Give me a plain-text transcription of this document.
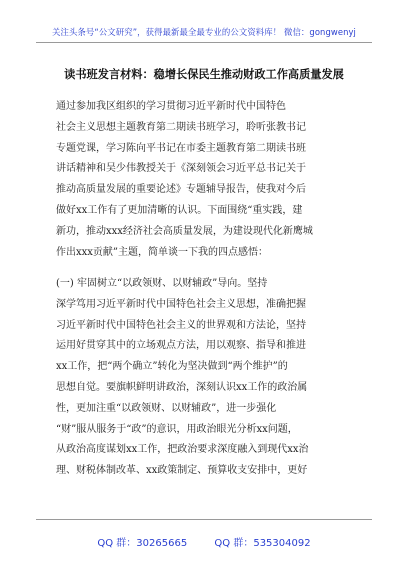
关注头条号“公文研究”，获得最新最全最专业的公文资料库！ 微信：gongwenyj
读书班发言材料：稳增长保民生推动财政工作高质量发展
通过参加我区组织的学习贯彻习近平新时代中国特色
社会主义思想主题教育第二期读书班学习，聆听张教书记
专题党课，学习陈向平书记在市委主题教育第二期读书班
讲话精神和吴少伟教授关于《深刻领会习近平总书记关于
推动高质量发展的重要论述》专题辅导报告，使我对今后
做好xx工作有了更加清晰的认识。下面围绕“重实践，建
新功，推动xxx经济社会高质量发展，为建设现代化新鹰城
作出xxx贡献”主题，简单谈一下我的四点感悟：
(一) 牢固树立“以政领财、以财辅政”导向。坚持
深学笃用习近平新时代中国特色社会主义思想，准确把握
习近平新时代中国特色社会主义的世界观和方法论，坚持
运用好贯穿其中的立场观点方法，用以观察、指导和推进
xx工作，把“两个确立”转化为坚决做到“两个维护”的
思想自觉。要旗帜鲜明讲政治，深刻认识xx工作的政治属
性，更加注重“以政领财、以财辅政”，进一步强化
“财”服从服务于“政”的意识，用政治眼光分析xx问题，
从政治高度谋划xx工作，把政治要求深度融入到现代xx治
理、财税体制改革、xx政策制定、预算收支安排中，更好
QQ 群：30265665	QQ 群：535304092
